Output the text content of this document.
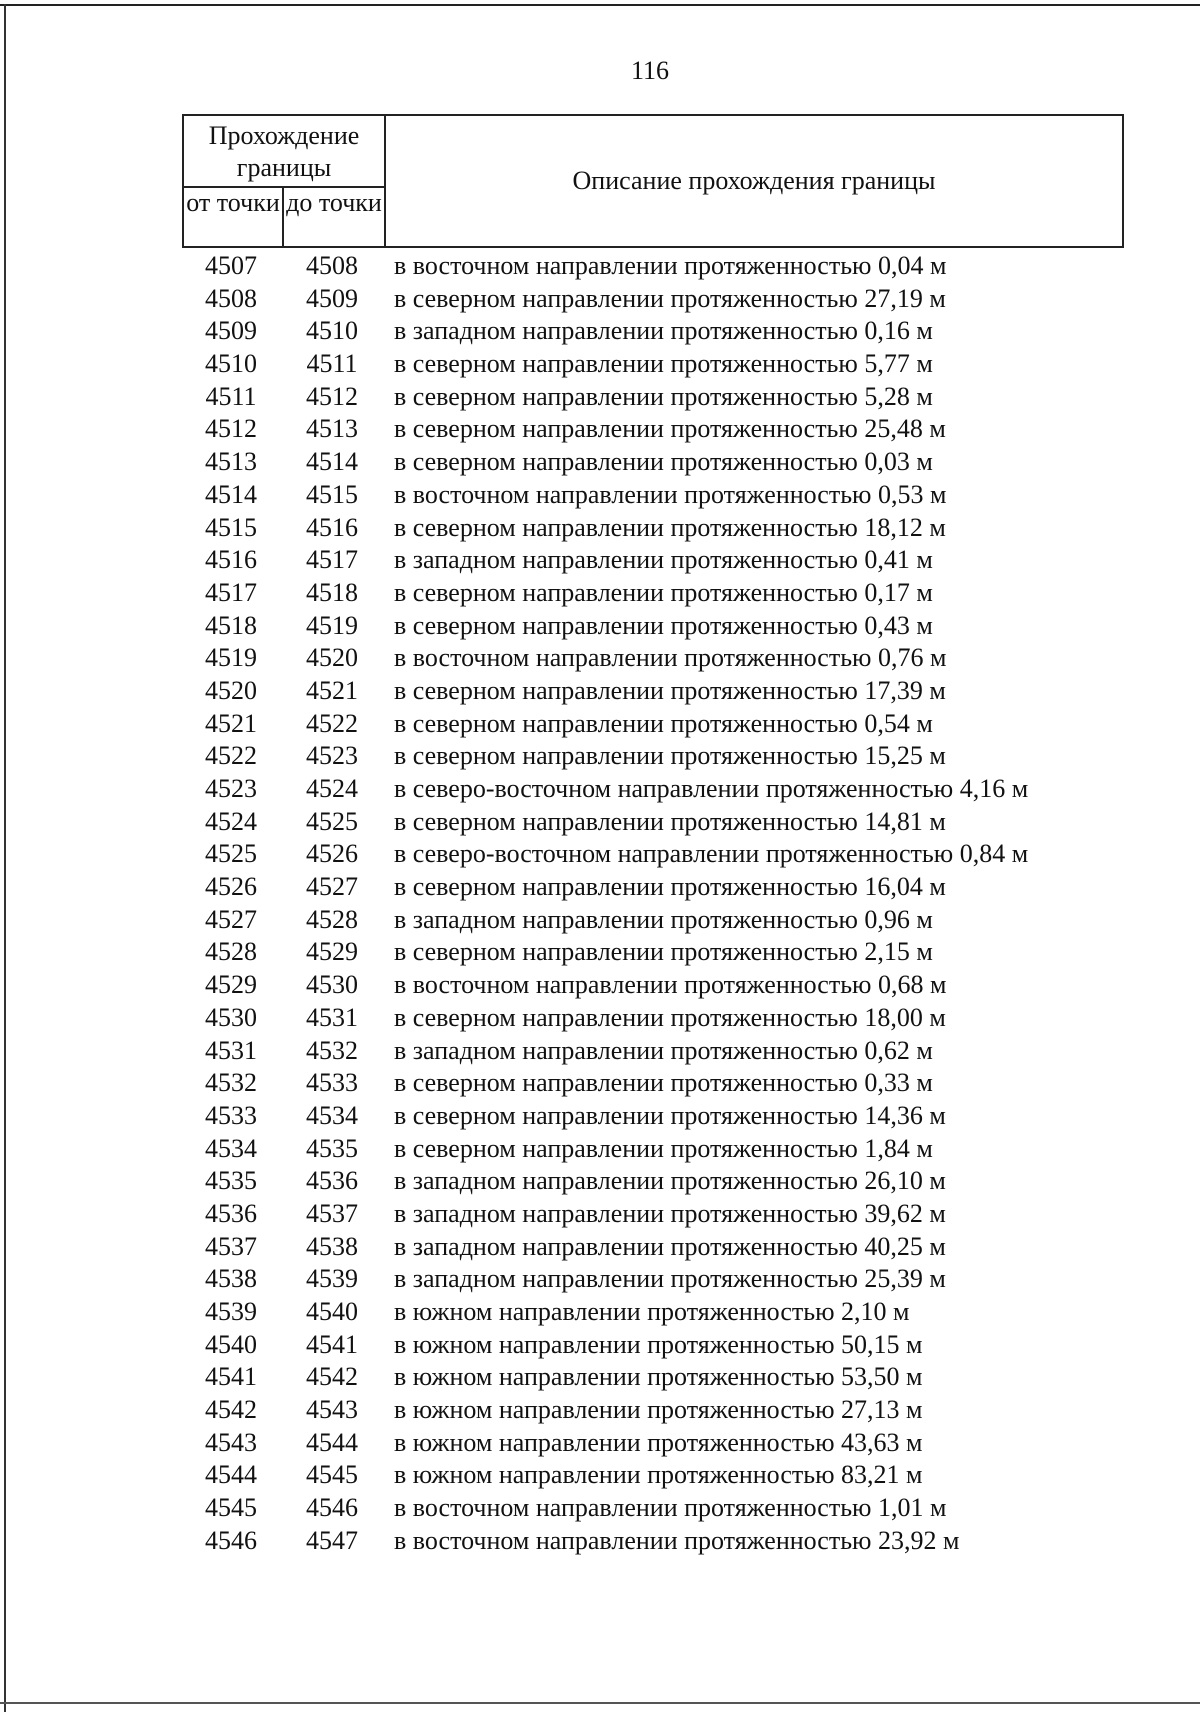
116
Прохождение границы
от точки до точки
Описание прохождения границы
4507	4508	в восточном направлении протяженностью 0,04 м
4508	4509	в северном направлении протяженностью 27,19 м
4509	4510	в западном направлении протяженностью 0,16 м
4510	4511	в северном направлении протяженностью 5,77 м
4511	4512	в северном направлении протяженностью 5,28 м
4512	4513	в северном направлении протяженностью 25,48 м
4513	4514	в северном направлении протяженностью 0,03 м
4514	4515	в восточном направлении протяженностью 0,53 м
4515	4516	в северном направлении протяженностью 18,12 м
4516	4517	в западном направлении протяженностью 0,41 м
4517	4518	в северном направлении протяженностью 0,17 м
4518	4519	в северном направлении протяженностью 0,43 м
4519	4520	в восточном направлении протяженностью 0,76 м
4520	4521	в северном направлении протяженностью 17,39 м
4521	4522	в северном направлении протяженностью 0,54 м
4522	4523	в северном направлении протяженностью 15,25 м
4523	4524	в северо-восточном направлении протяженностью 4,16 м
4524	4525	в северном направлении протяженностью 14,81 м
4525	4526	в северо-восточном направлении протяженностью 0,84 м
4526	4527	в северном направлении протяженностью 16,04 м
4527	4528	в западном направлении протяженностью 0,96 м
4528	4529	в северном направлении протяженностью 2,15 м
4529	4530	в восточном направлении протяженностью 0,68 м
4530	4531	в северном направлении протяженностью 18,00 м
4531	4532	в западном направлении протяженностью 0,62 м
4532	4533	в северном направлении протяженностью 0,33 м
4533	4534	в северном направлении протяженностью 14,36 м
4534	4535	в северном направлении протяженностью 1,84 м
4535	4536	в западном направлении протяженностью 26,10 м
4536	4537	в западном направлении протяженностью 39,62 м
4537	4538	в западном направлении протяженностью 40,25 м
4538	4539	в западном направлении протяженностью 25,39 м
4539	4540	в южном направлении протяженностью 2,10 м
4540	4541	в южном направлении протяженностью 50,15 м
4541	4542	в южном направлении протяженностью 53,50 м
4542	4543	в южном направлении протяженностью 27,13 м
4543	4544	в южном направлении протяженностью 43,63 м
4544	4545	в южном направлении протяженностью 83,21 м
4545	4546	в восточном направлении протяженностью 1,01 м
4546	4547	в восточном направлении протяженностью 23,92 м
